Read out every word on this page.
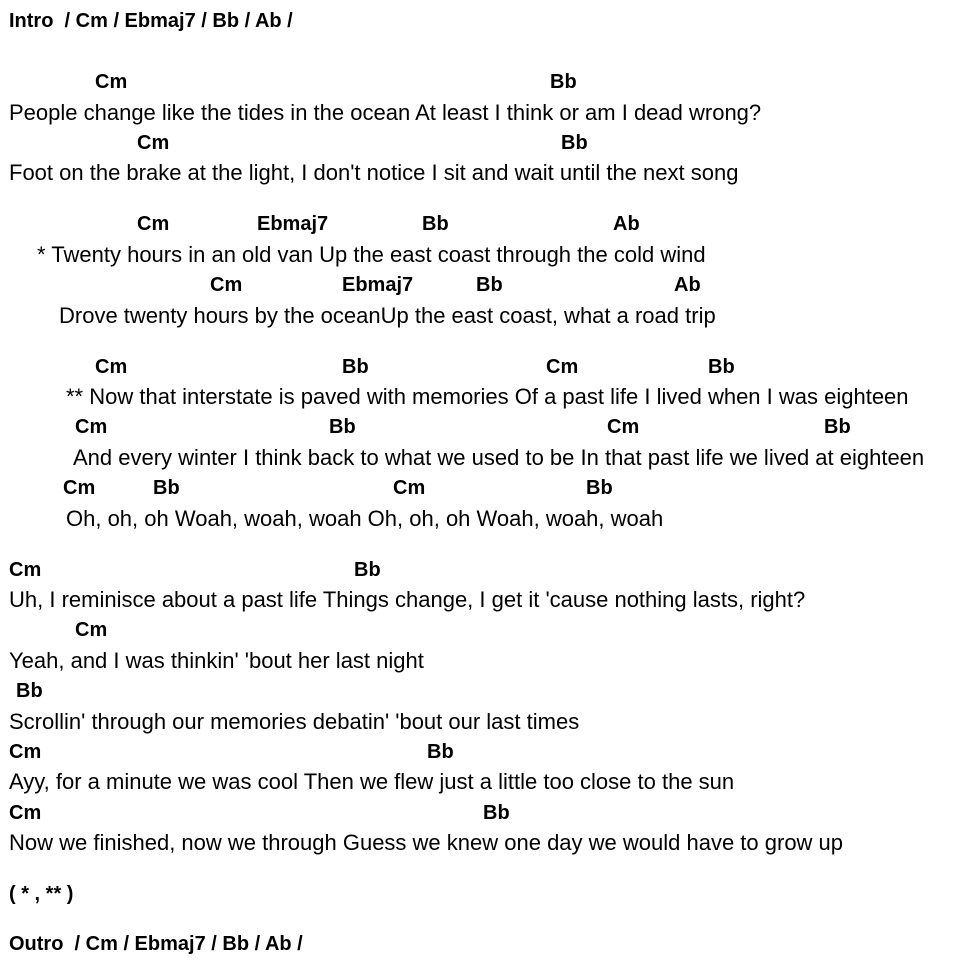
Intro  / Cm / Ebmaj7 / Bb / Ab /
Cm	Bb
People change like the tides in the ocean At least I think or am I dead wrong?
Cm	Bb
Foot on the brake at the light, I don't notice I sit and wait until the next song
Cm	Ebmaj7	Bb	Ab
* Twenty hours in an old van Up the east coast through the cold wind
Cm	Ebmaj7	Bb	Ab
Drove twenty hours by the oceanUp the east coast, what a road trip
Cm	Bb	Cm	Bb
** Now that interstate is paved with memories Of a past life I lived when I was eighteen
Cm	Bb	Cm	Bb
And every winter I think back to what we used to be In that past life we lived at eighteen
Cm	Bb	Cm	Bb
Oh, oh, oh Woah, woah, woah Oh, oh, oh Woah, woah, woah
Cm	Bb
Uh, I reminisce about a past life Things change, I get it 'cause nothing lasts, right?
Cm
Yeah, and I was thinkin' 'bout her last night
Bb
Scrollin' through our memories debatin' 'bout our last times
Cm	Bb
Ayy, for a minute we was cool Then we flew just a little too close to the sun
Cm	Bb
Now we finished, now we through Guess we knew one day we would have to grow up
( * , ** )
Outro  / Cm / Ebmaj7 / Bb / Ab /
